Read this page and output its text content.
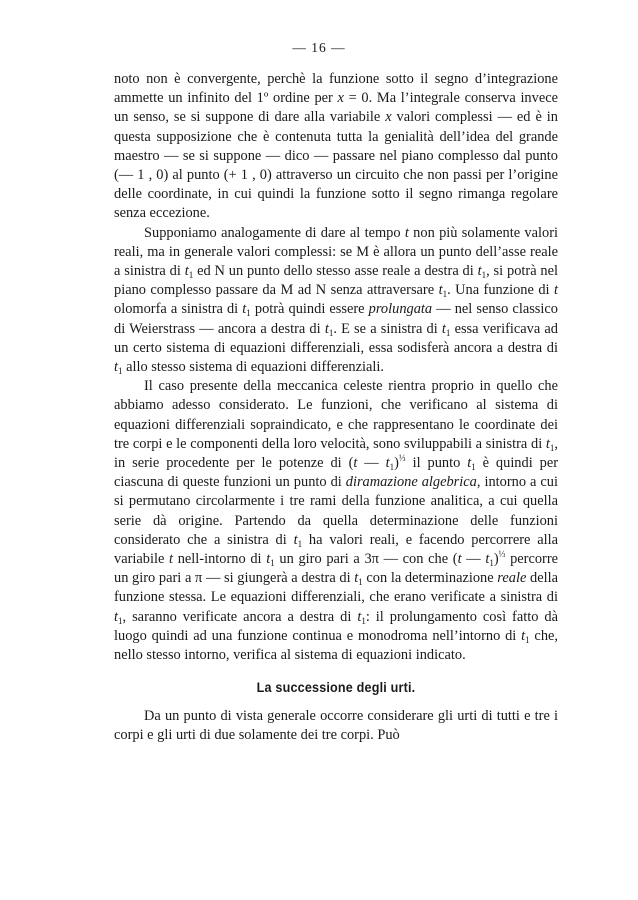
— 16 —

noto non è convergente, perchè la funzione sotto il segno d’integrazione ammette un infinito del 1º ordine per x = 0. Ma l’integrale conserva invece un senso, se si suppone di dare alla variabile x valori complessi — ed è in questa supposizione che è contenuta tutta la genialità dell’idea del grande maestro — se si suppone — dico — passare nel piano complesso dal punto (— 1 , 0) al punto (+ 1 , 0) attraverso un circuito che non passi per l’origine delle coordinate, in cui quindi la funzione sotto il segno rimanga regolare senza eccezione.

Supponiamo analogamente di dare al tempo t non più solamente valori reali, ma in generale valori complessi: se M è allora un punto dell’asse reale a sinistra di $t_1$ ed N un punto dello stesso asse reale a destra di $t_1$, si potrà nel piano complesso passare da M ad N senza attraversare $t_1$. Una funzione di t olomorfa a sinistra di $t_1$ potrà quindi essere prolungata — nel senso classico di Weierstrass — ancora a destra di $t_1$. E se a sinistra di $t_1$ essa verificava ad un certo sistema di equazioni differenziali, essa sodisferà ancora a destra di $t_1$ allo stesso sistema di equazioni differenziali.

Il caso presente della meccanica celeste rientra proprio in quello che abbiamo adesso considerato. Le funzioni, che verificano al sistema di equazioni differenziali sopraindicato, e che rappresentano le coordinate dei tre corpi e le componenti della loro velocità, sono sviluppabili a sinistra di $t_1$, in serie procedente per le potenze di (t — $t_1)^{\frac{1}{3}}$ il punto $t_1$ è quindi per ciascuna di queste funzioni un punto di diramazione algebrica, intorno a cui si permutano circolarmente i tre rami della funzione analitica, a cui quella serie dà origine. Partendo da quella determinazione delle funzioni considerato che a sinistra di $t_1$ ha valori reali, e facendo percorrere alla variabile t nell-intorno di $t_1$ un giro pari a 3π — con che (t — $t_1)^{\frac{1}{3}}$ percorre un giro pari a π — si giungerà a destra di $t_1$ con la determinazione reale della funzione stessa. Le equazioni differenziali, che erano verificate a sinistra di $t_1$, saranno verificate ancora a destra di $t_1$: il prolungamento così fatto dà luogo quindi ad una funzione continua e monodroma nell’intorno di $t_1$ che, nello stesso intorno, verifica al sistema di equazioni indicato.

La successione degli urti.

Da un punto di vista generale occorre considerare gli urti di tutti e tre i corpi e gli urti di due solamente dei tre corpi. Può
